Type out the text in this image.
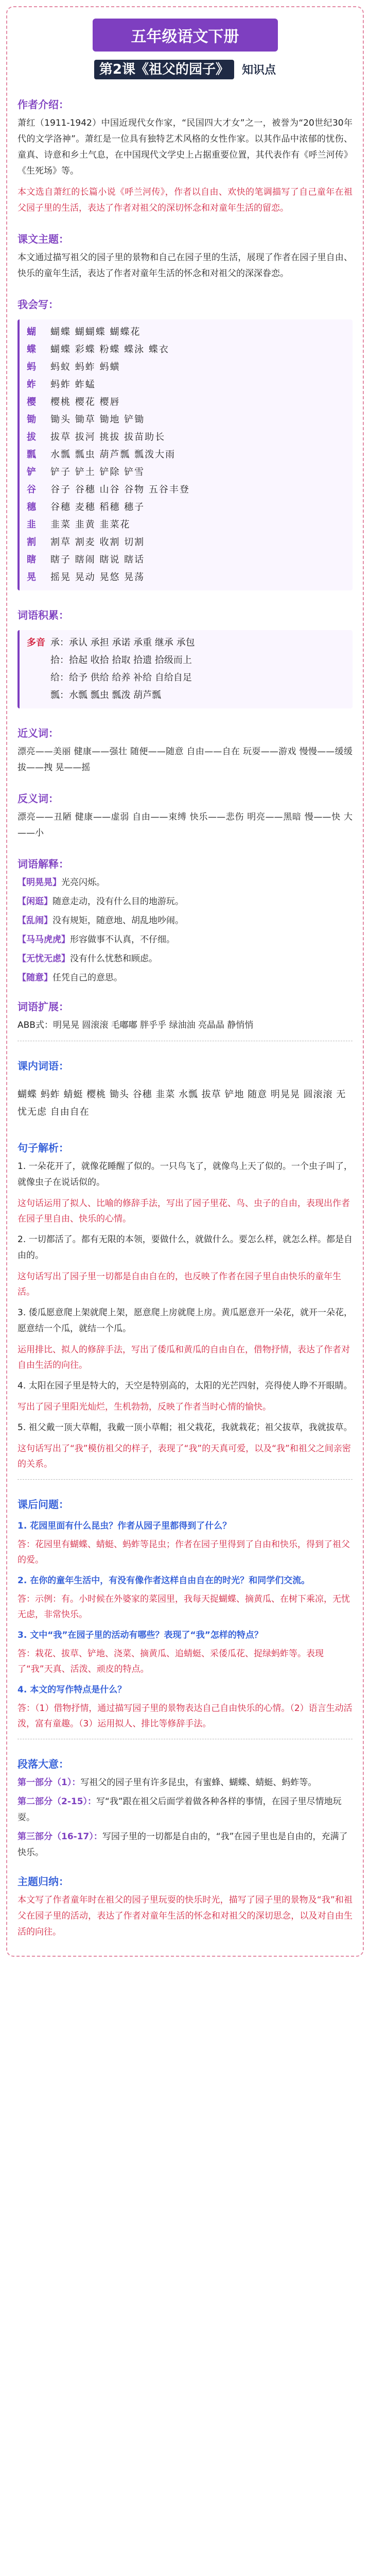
五年级语文下册
第2课《祖父的园子》 知识点
作者介绍：

萧红（1911-1942）中国近现代女作家，“民国四大才女”之一，被誉为“20世纪30年代的文学洛神”。萧红是一位具有独特艺术风格的女性作家。以其作品中浓郁的忧伤、童真、诗意和乡土气息，在中国现代文学史上占据重要位置，其代表作有《呼兰河传》《生死场》等。

本文选自萧红的长篇小说《呼兰河传》，作者以自由、欢快的笔调描写了自己童年在祖父园子里的生活，表达了作者对祖父的深切怀念和对童年生活的留恋。

课文主题：

本文通过描写祖父的园子里的景物和自己在园子里的生活，展现了作者在园子里自由、快乐的童年生活，表达了作者对童年生活的怀念和对祖父的深深眷恋。

我会写：
蝴	蝴蝶 蝴蝴蝶 蝴蝶花
蝶	蝴蝶 彩蝶 粉蝶 蝶泳 蝶衣
蚂	蚂蚁 蚂蚱 蚂蟥
蚱	蚂蚱 蚱蜢
樱	樱桃 樱花 樱唇
锄	锄头 锄草 锄地 铲锄
拔	拔草 拔河 挑拔 拔苗助长
瓢	水瓢 瓢虫 葫芦瓢 瓢泼大雨
铲	铲子 铲土 铲除 铲雪
谷	谷子 谷穗 山谷 谷物 五谷丰登
穗	谷穗 麦穗 稻穗 穗子
韭	韭菜 韭黄 韭菜花
割	割草 割麦 收割 切割
瞎	瞎子 瞎闹 瞎说 瞎话
晃	摇晃 晃动 晃悠 晃荡
词语积累：
多音 承：承认 承担 承诺 承重 继承 承包
拾：拾起 收拾 拾取 拾遗 拾级而上
给：给予 供给 给养 补给 自给自足
瓢：水瓢 瓢虫 瓢泼 葫芦瓢
近义词：

漂亮——美丽 健康——强壮 随便——随意 自由——自在 玩耍——游戏 慢慢——缓缓 拔——拽 晃——摇

反义词：

漂亮——丑陋 健康——虚弱 自由——束缚 快乐——悲伤 明亮——黑暗 慢——快 大——小

词语解释：
【明晃晃】光亮闪烁。
【闲逛】随意走动，没有什么目的地游玩。
【乱闹】没有规矩，随意地、胡乱地吵闹。
【马马虎虎】形容做事不认真，不仔细。
【无忧无虑】没有什么忧愁和顾虑。
【随意】任凭自己的意思。
词语扩展：

ABB式：明晃晃 圆滚滚 毛嘟嘟 胖乎乎 绿油油 亮晶晶 静悄悄

课内词语：

蝴蝶 蚂蚱 蜻蜓 樱桃 锄头 谷穗 韭菜 水瓢 拔草 铲地 随意 明晃晃 圆滚滚 无忧无虑 自由自在

句子解析：
1. 一朵花开了，就像花睡醒了似的。一只鸟飞了，就像鸟上天了似的。一个虫子叫了，就像虫子在说话似的。
这句话运用了拟人、比喻的修辞手法，写出了园子里花、鸟、虫子的自由，表现出作者在园子里自由、快乐的心情。
2. 一切都活了。都有无限的本领，要做什么，就做什么。要怎么样，就怎么样。都是自由的。
这句话写出了园子里一切都是自由自在的，也反映了作者在园子里自由快乐的童年生活。
3. 倭瓜愿意爬上架就爬上架，愿意爬上房就爬上房。黄瓜愿意开一朵花，就开一朵花，愿意结一个瓜，就结一个瓜。
运用排比、拟人的修辞手法，写出了倭瓜和黄瓜的自由自在，借物抒情，表达了作者对自由生活的向往。
4. 太阳在园子里是特大的，天空是特别高的，太阳的光芒四射，亮得使人睁不开眼睛。
写出了园子里阳光灿烂，生机勃勃，反映了作者当时心情的愉快。
5. 祖父戴一顶大草帽，我戴一顶小草帽；祖父栽花，我就栽花；祖父拔草，我就拔草。
这句话写出了“我”模仿祖父的样子，表现了“我”的天真可爱，以及“我”和祖父之间亲密的关系。
课后问题：
1. 花园里面有什么昆虫？作者从园子里都得到了什么？
答：花园里有蝴蝶、蜻蜓、蚂蚱等昆虫；作者在园子里得到了自由和快乐，得到了祖父的爱。
2. 在你的童年生活中，有没有像作者这样自由自在的时光？和同学们交流。
答：示例：有。小时候在外婆家的菜园里，我每天捉蝴蝶、摘黄瓜、在树下乘凉，无忧无虑，非常快乐。
3. 文中“我”在园子里的活动有哪些？表现了“我”怎样的特点？
答：栽花、拔草、铲地、浇菜、摘黄瓜、追蜻蜓、采倭瓜花、捉绿蚂蚱等。表现了“我”天真、活泼、顽皮的特点。
4. 本文的写作特点是什么？
答：（1）借物抒情，通过描写园子里的景物表达自己自由快乐的心情。（2）语言生动活泼，富有童趣。（3）运用拟人、排比等修辞手法。
段落大意：
第一部分（1）：写祖父的园子里有许多昆虫，有蜜蜂、蝴蝶、蜻蜓、蚂蚱等。
第二部分（2-15）：写“我”跟在祖父后面学着做各种各样的事情，在园子里尽情地玩耍。
第三部分（16-17）：写园子里的一切都是自由的，“我”在园子里也是自由的，充满了快乐。
主题归纳：

本文写了作者童年时在祖父的园子里玩耍的快乐时光，描写了园子里的景物及“我”和祖父在园子里的活动，表达了作者对童年生活的怀念和对祖父的深切思念，以及对自由生活的向往。
